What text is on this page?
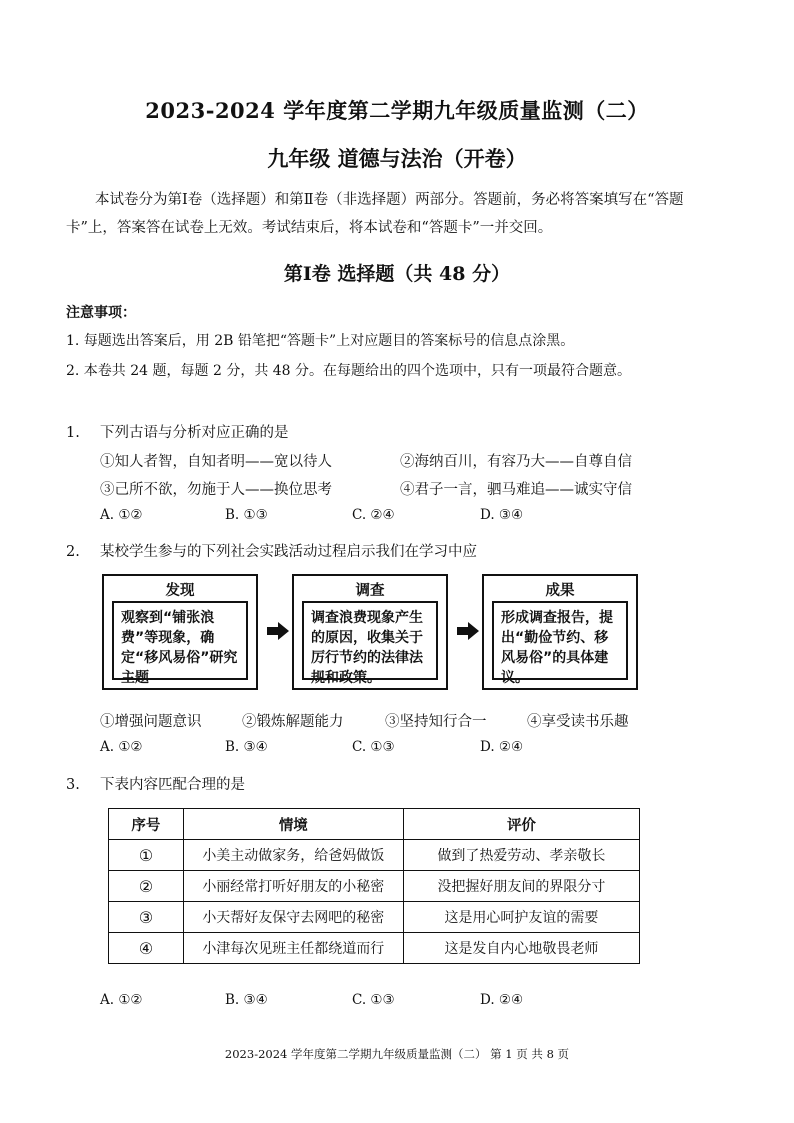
2023-2024 学年度第二学期九年级质量监测（二）
九年级 道德与法治（开卷）
本试卷分为第Ⅰ卷（选择题）和第Ⅱ卷（非选择题）两部分。答题前，务必将答案填写在“答题卡”上，答案答在试卷上无效。考试结束后，将本试卷和“答题卡”一并交回。
第Ⅰ卷 选择题（共 48 分）
注意事项：
1. 每题选出答案后，用 2B 铅笔把“答题卡”上对应题目的答案标号的信息点涂黑。
2. 本卷共 24 题，每题 2 分，共 48 分。在每题给出的四个选项中，只有一项最符合题意。
1. 下列古语与分析对应正确的是
①知人者智，自知者明——宽以待人	②海纳百川，有容乃大——自尊自信
③己所不欲，勿施于人——换位思考	④君子一言，驷马难追——诚实守信
A. ①②	B. ①③	C. ②④	D. ③④
2. 某校学生参与的下列社会实践活动过程启示我们在学习中应
发现
观察到“铺张浪费”等现象，确定“移风易俗”研究主题
调查
调查浪费现象产生的原因，收集关于厉行节约的法律法规和政策。
成果
形成调查报告，提出“勤俭节约、移风易俗”的具体建议。
①增强问题意识	②锻炼解题能力	③坚持知行合一	④享受读书乐趣
A. ①②	B. ③④	C. ①③	D. ②④
3. 下表内容匹配合理的是
序号	情境	评价
①	小美主动做家务，给爸妈做饭	做到了热爱劳动、孝亲敬长
②	小丽经常打听好朋友的小秘密	没把握好朋友间的界限分寸
③	小天帮好友保守去网吧的秘密	这是用心呵护友谊的需要
④	小津每次见班主任都绕道而行	这是发自内心地敬畏老师
A. ①②	B. ③④	C. ①③	D. ②④
2023-2024 学年度第二学期九年级质量监测（二） 第 1 页 共 8 页
